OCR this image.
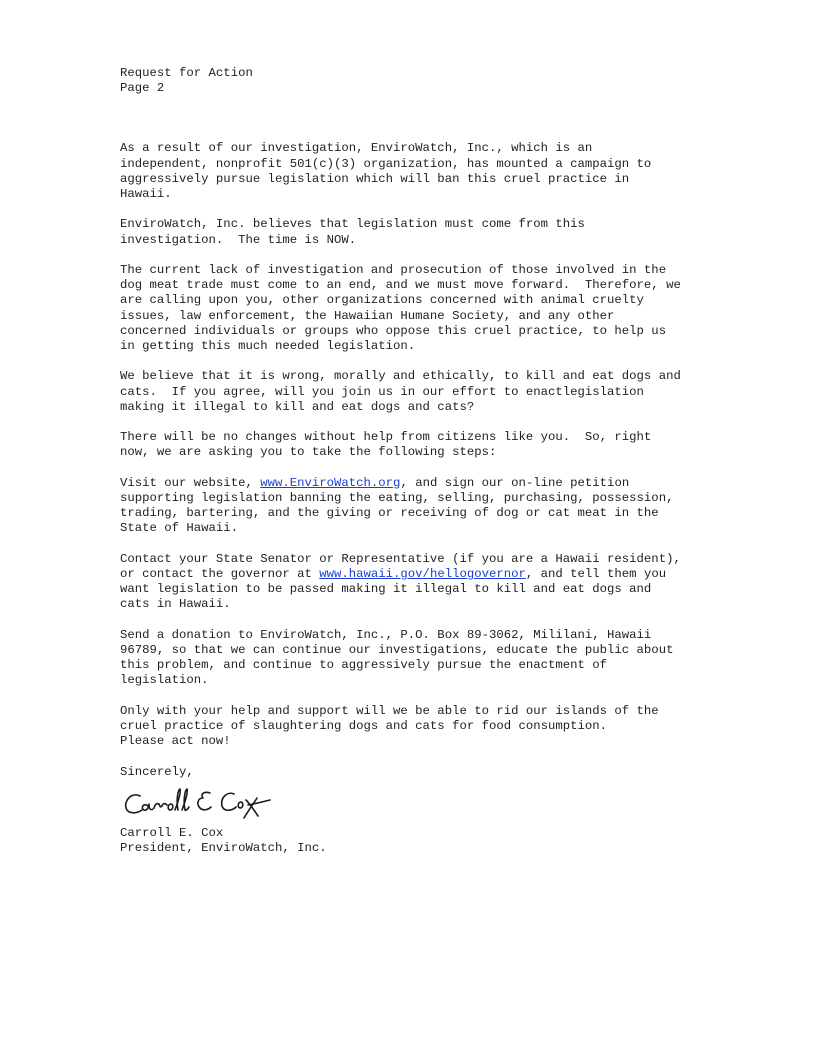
Request for Action
Page 2

As a result of our investigation, EnviroWatch, Inc., which is an
independent, nonprofit 501(c)(3) organization, has mounted a campaign to
aggressively pursue legislation which will ban this cruel practice in
Hawaii.

EnviroWatch, Inc. believes that legislation must come from this
investigation.  The time is NOW.

The current lack of investigation and prosecution of those involved in the
dog meat trade must come to an end, and we must move forward.  Therefore, we
are calling upon you, other organizations concerned with animal cruelty
issues, law enforcement, the Hawaiian Humane Society, and any other
concerned individuals or groups who oppose this cruel practice, to help us
in getting this much needed legislation.

We believe that it is wrong, morally and ethically, to kill and eat dogs and
cats.  If you agree, will you join us in our effort to enactlegislation
making it illegal to kill and eat dogs and cats?

There will be no changes without help from citizens like you.  So, right
now, we are asking you to take the following steps:

Visit our website, www.EnviroWatch.org, and sign our on-line petition
supporting legislation banning the eating, selling, purchasing, possession,
trading, bartering, and the giving or receiving of dog or cat meat in the
State of Hawaii.

Contact your State Senator or Representative (if you are a Hawaii resident),
or contact the governor at www.hawaii.gov/hellogovernor, and tell them you
want legislation to be passed making it illegal to kill and eat dogs and
cats in Hawaii.

Send a donation to EnviroWatch, Inc., P.O. Box 89-3062, Mililani, Hawaii
96789, so that we can continue our investigations, educate the public about
this problem, and continue to aggressively pursue the enactment of
legislation.

Only with your help and support will we be able to rid our islands of the
cruel practice of slaughtering dogs and cats for food consumption.
Please act now!

Sincerely,
Carroll E. Cox
President, EnviroWatch, Inc.
